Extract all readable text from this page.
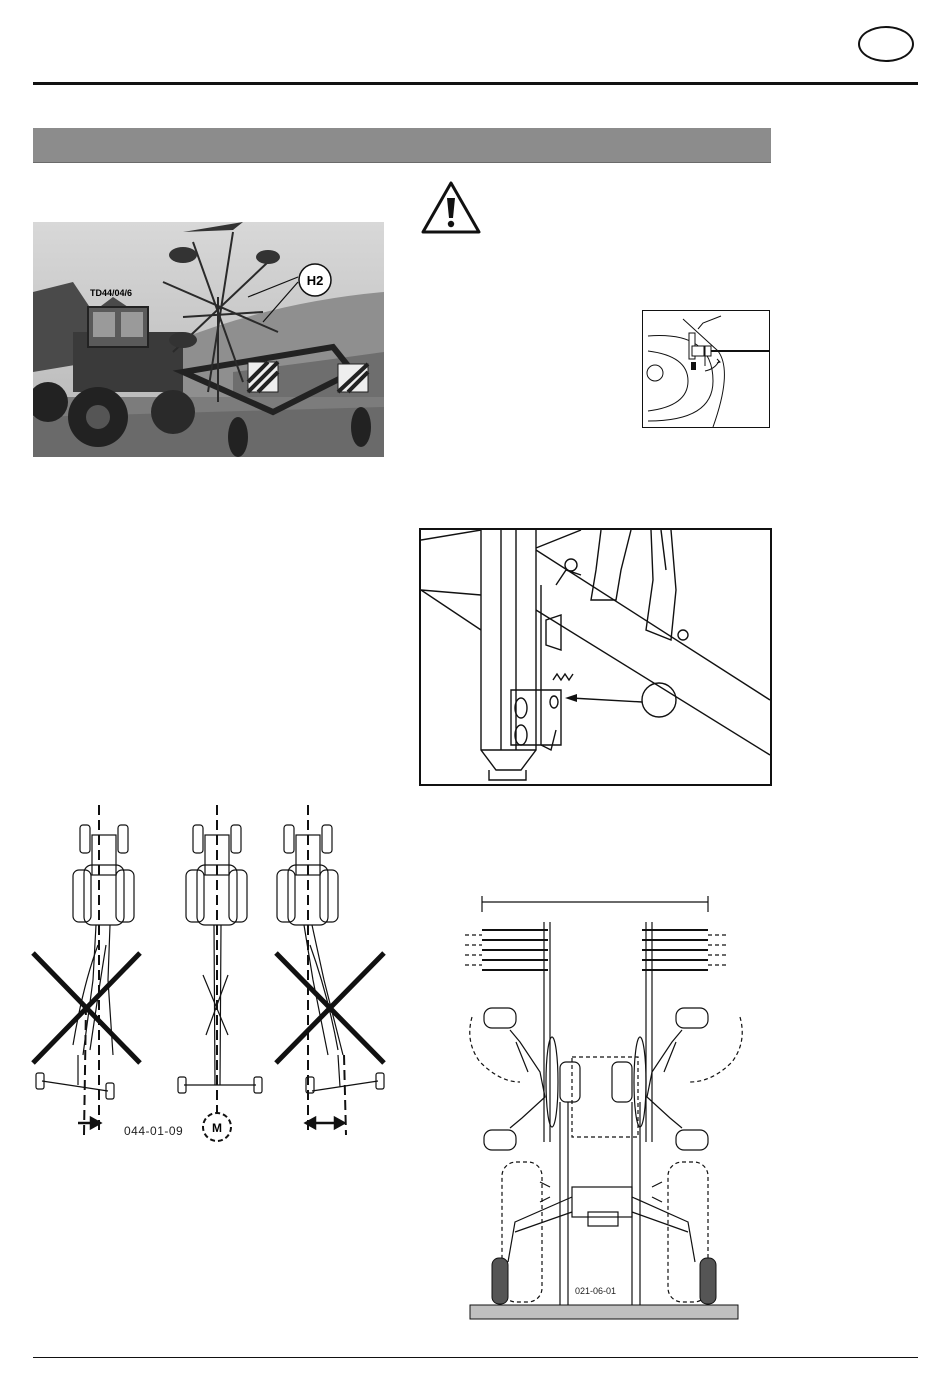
H2
TD44/04/6
M
044-01-09
021-06-01
